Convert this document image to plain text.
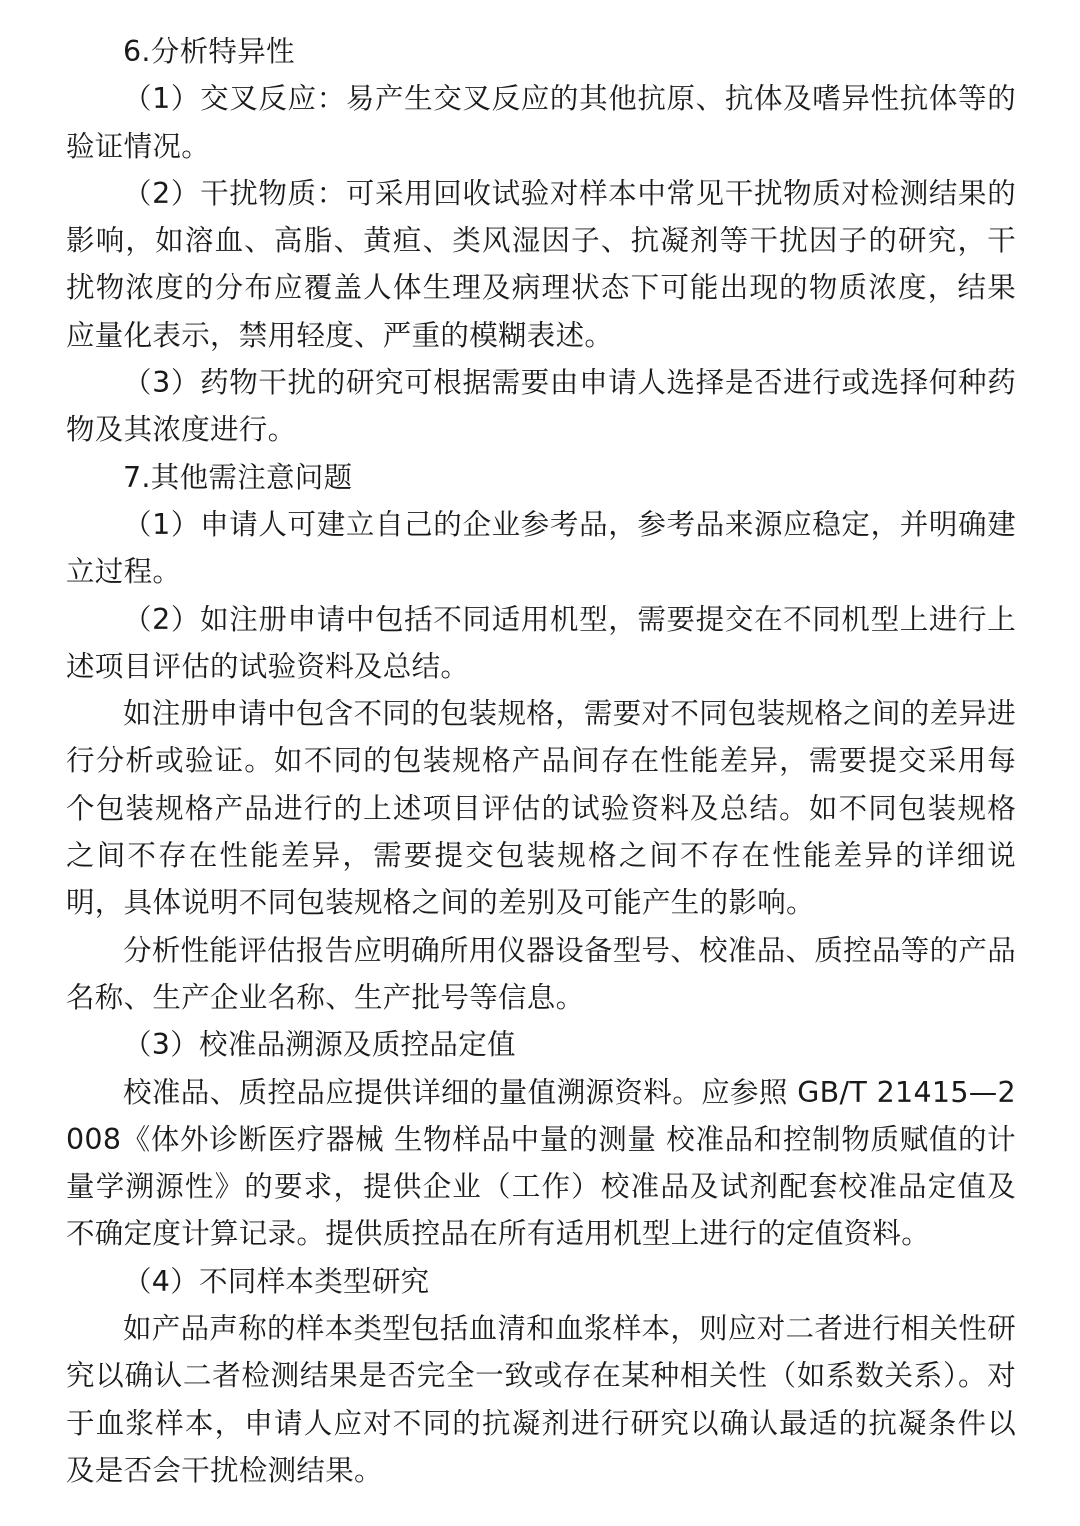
6.分析特异性

（1）交叉反应：易产生交叉反应的其他抗原、抗体及嗜异性抗体等的验证情况。

（2）干扰物质：可采用回收试验对样本中常见干扰物质对检测结果的影响，如溶血、高脂、黄疸、类风湿因子、抗凝剂等干扰因子的研究，干扰物浓度的分布应覆盖人体生理及病理状态下可能出现的物质浓度，结果应量化表示，禁用轻度、严重的模糊表述。

（3）药物干扰的研究可根据需要由申请人选择是否进行或选择何种药物及其浓度进行。

7.其他需注意问题

（1）申请人可建立自己的企业参考品，参考品来源应稳定，并明确建立过程。

（2）如注册申请中包括不同适用机型，需要提交在不同机型上进行上述项目评估的试验资料及总结。

如注册申请中包含不同的包装规格，需要对不同包装规格之间的差异进行分析或验证。如不同的包装规格产品间存在性能差异，需要提交采用每个包装规格产品进行的上述项目评估的试验资料及总结。如不同包装规格之间不存在性能差异，需要提交包装规格之间不存在性能差异的详细说明，具体说明不同包装规格之间的差别及可能产生的影响。

分析性能评估报告应明确所用仪器设备型号、校准品、质控品等的产品名称、生产企业名称、生产批号等信息。

（3）校准品溯源及质控品定值

校准品、质控品应提供详细的量值溯源资料。应参照 GB/T 21415—2008《体外诊断医疗器械 生物样品中量的测量 校准品和控制物质赋值的计量学溯源性》的要求，提供企业（工作）校准品及试剂配套校准品定值及不确定度计算记录。提供质控品在所有适用机型上进行的定值资料。

（4）不同样本类型研究

如产品声称的样本类型包括血清和血浆样本，则应对二者进行相关性研究以确认二者检测结果是否完全一致或存在某种相关性（如系数关系）。对于血浆样本，申请人应对不同的抗凝剂进行研究以确认最适的抗凝条件以及是否会干扰检测结果。
